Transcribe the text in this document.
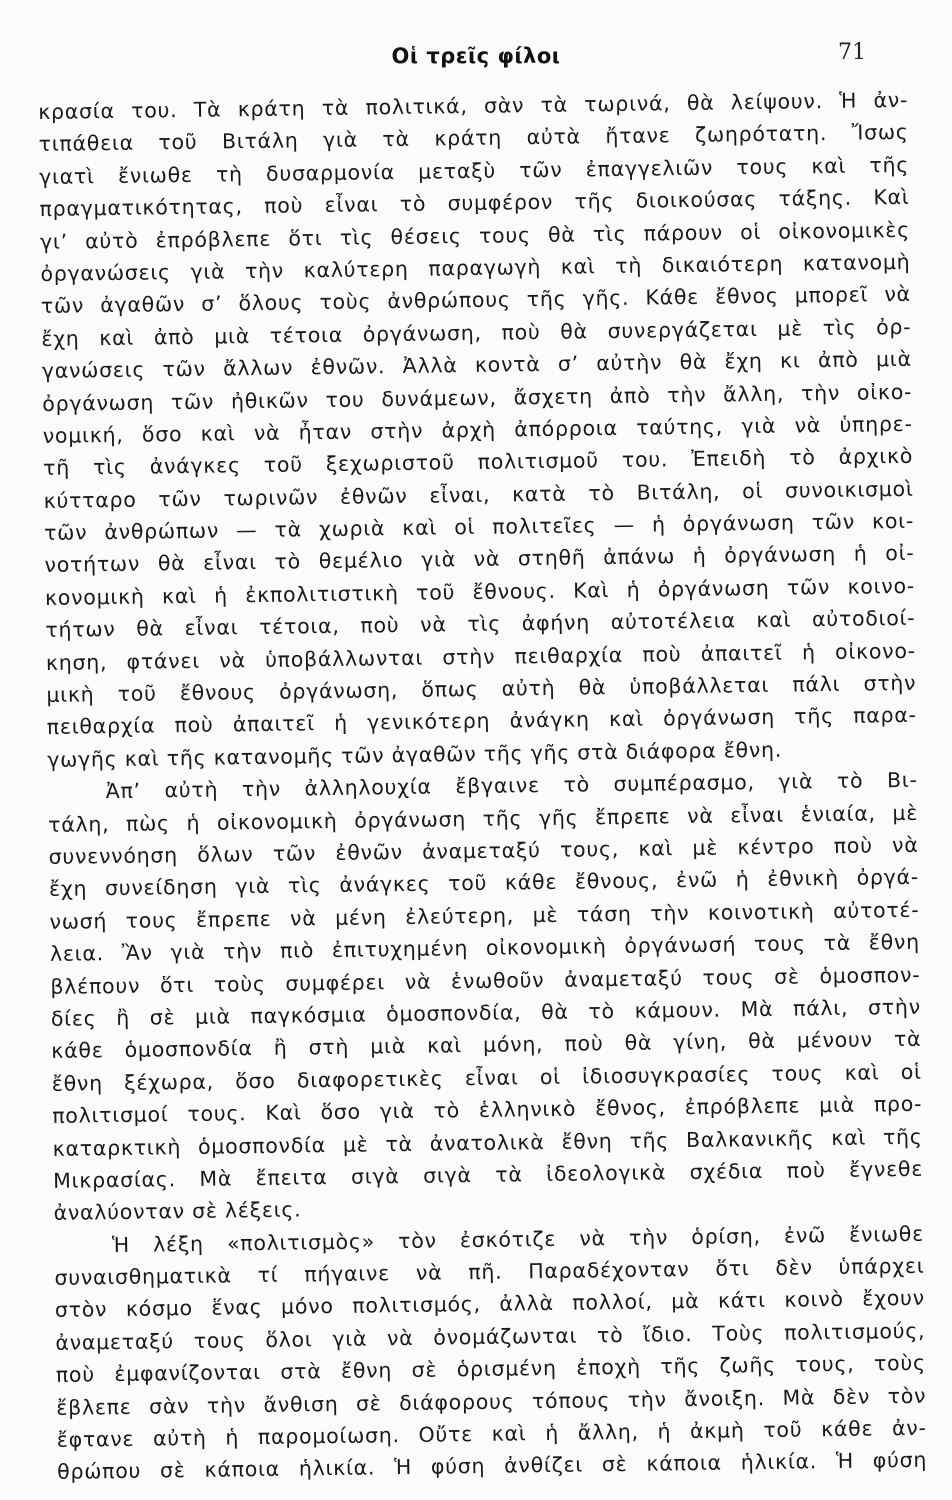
Οἱ τρεῖς φίλοι	71
κρασία του. Τὰ κράτη τὰ πολιτικά, σὰν τὰ τωρινά, θὰ λείψουν. Ἡ ἀν-
τιπάθεια τοῦ Βιτάλη γιὰ τὰ κράτη αὐτὰ ἤτανε ζωηρότατη. Ἴσως
γιατὶ ἔνιωθε τὴ δυσαρμονία μεταξὺ τῶν ἐπαγγελιῶν τους καὶ τῆς
πραγματικότητας, ποὺ εἶναι τὸ συμφέρον τῆς διοικούσας τάξης. Καὶ
γι’ αὐτὸ ἐπρόβλεπε ὅτι τὶς θέσεις τους θὰ τὶς πάρουν οἱ οἰκονομικὲς
ὀργανώσεις γιὰ τὴν καλύτερη παραγωγὴ καὶ τὴ δικαιότερη κατανομὴ
τῶν ἀγαθῶν σ’ ὅλους τοὺς ἀνθρώπους τῆς γῆς. Κάθε ἔθνος μπορεῖ νὰ
ἔχη καὶ ἀπὸ μιὰ τέτοια ὀργάνωση, ποὺ θὰ συνεργάζεται μὲ τὶς ὀρ-
γανώσεις τῶν ἄλλων ἐθνῶν. Ἀλλὰ κοντὰ σ’ αὐτὴν θὰ ἔχη κι ἀπὸ μιὰ
ὀργάνωση τῶν ἠθικῶν του δυνάμεων, ἄσχετη ἀπὸ τὴν ἄλλη, τὴν οἰκο-
νομική, ὅσο καὶ νὰ ἦταν στὴν ἀρχὴ ἀπόρροια ταύτης, γιὰ νὰ ὑπηρε-
τῆ τὶς ἀνάγκες τοῦ ξεχωριστοῦ πολιτισμοῦ του. Ἐπειδὴ τὸ ἀρχικὸ
κύτταρο τῶν τωρινῶν ἐθνῶν εἶναι, κατὰ τὸ Βιτάλη, οἱ συνοικισμοὶ
τῶν ἀνθρώπων — τὰ χωριὰ καὶ οἱ πολιτεῖες — ἡ ὀργάνωση τῶν κοι-
νοτήτων θὰ εἶναι τὸ θεμέλιο γιὰ νὰ στηθῆ ἀπάνω ἡ ὀργάνωση ἡ οἰ-
κονομικὴ καὶ ἡ ἐκπολιτιστικὴ τοῦ ἔθνους. Καὶ ἡ ὀργάνωση τῶν κοινο-
τήτων θὰ εἶναι τέτοια, ποὺ νὰ τὶς ἀφήνη αὐτοτέλεια καὶ αὐτοδιοί-
κηση, φτάνει νὰ ὑποβάλλωνται στὴν πειθαρχία ποὺ ἀπαιτεῖ ἡ οἰκονο-
μικὴ τοῦ ἔθνους ὀργάνωση, ὅπως αὐτὴ θὰ ὑποβάλλεται πάλι στὴν
πειθαρχία ποὺ ἀπαιτεῖ ἡ γενικότερη ἀνάγκη καὶ ὀργάνωση τῆς παρα-
γωγῆς καὶ τῆς κατανομῆς τῶν ἀγαθῶν τῆς γῆς στὰ διάφορα ἔθνη.
Ἀπ’ αὐτὴ τὴν ἀλληλουχία ἔβγαινε τὸ συμπέρασμο, γιὰ τὸ Βι-
τάλη, πὼς ἡ οἰκονομικὴ ὀργάνωση τῆς γῆς ἔπρεπε νὰ εἶναι ἑνιαία, μὲ
συνεννόηση ὅλων τῶν ἐθνῶν ἀναμεταξύ τους, καὶ μὲ κέντρο ποὺ νὰ
ἔχη συνείδηση γιὰ τὶς ἀνάγκες τοῦ κάθε ἔθνους, ἐνῶ ἡ ἐθνικὴ ὀργά-
νωσή τους ἔπρεπε νὰ μένη ἐλεύτερη, μὲ τάση τὴν κοινοτικὴ αὐτοτέ-
λεια. Ἂν γιὰ τὴν πιὸ ἐπιτυχημένη οἰκονομικὴ ὀργάνωσή τους τὰ ἔθνη
βλέπουν ὅτι τοὺς συμφέρει νὰ ἑνωθοῦν ἀναμεταξύ τους σὲ ὁμοσπον-
δίες ἢ σὲ μιὰ παγκόσμια ὁμοσπονδία, θὰ τὸ κάμουν. Μὰ πάλι, στὴν
κάθε ὁμοσπονδία ἢ στὴ μιὰ καὶ μόνη, ποὺ θὰ γίνη, θὰ μένουν τὰ
ἔθνη ξέχωρα, ὅσο διαφορετικὲς εἶναι οἱ ἰδιοσυγκρασίες τους καὶ οἱ
πολιτισμοί τους. Καὶ ὅσο γιὰ τὸ ἑλληνικὸ ἔθνος, ἐπρόβλεπε μιὰ προ-
καταρκτικὴ ὁμοσπονδία μὲ τὰ ἀνατολικὰ ἔθνη τῆς Βαλκανικῆς καὶ τῆς
Μικρασίας. Μὰ ἔπειτα σιγὰ σιγὰ τὰ ἰδεολογικὰ σχέδια ποὺ ἔγνεθε
ἀναλύονταν σὲ λέξεις.
Ἡ λέξη «πολιτισμὸς» τὸν ἐσκότιζε νὰ τὴν ὁρίση, ἐνῶ ἔνιωθε
συναισθηματικὰ τί πήγαινε νὰ πῆ. Παραδέχονταν ὅτι δὲν ὑπάρχει
στὸν κόσμο ἕνας μόνο πολιτισμός, ἀλλὰ πολλοί, μὰ κάτι κοινὸ ἔχουν
ἀναμεταξύ τους ὅλοι γιὰ νὰ ὀνομάζωνται τὸ ἴδιο. Τοὺς πολιτισμούς,
ποὺ ἐμφανίζονται στὰ ἔθνη σὲ ὁρισμένη ἐποχὴ τῆς ζωῆς τους, τοὺς
ἔβλεπε σὰν τὴν ἄνθιση σὲ διάφορους τόπους τὴν ἄνοιξη. Μὰ δὲν τὸν
ἔφτανε αὐτὴ ἡ παρομοίωση. Οὔτε καὶ ἡ ἄλλη, ἡ ἀκμὴ τοῦ κάθε ἀν-
θρώπου σὲ κάποια ἡλικία. Ἡ φύση ἀνθίζει σὲ κάποια ἡλικία. Ἡ φύση
